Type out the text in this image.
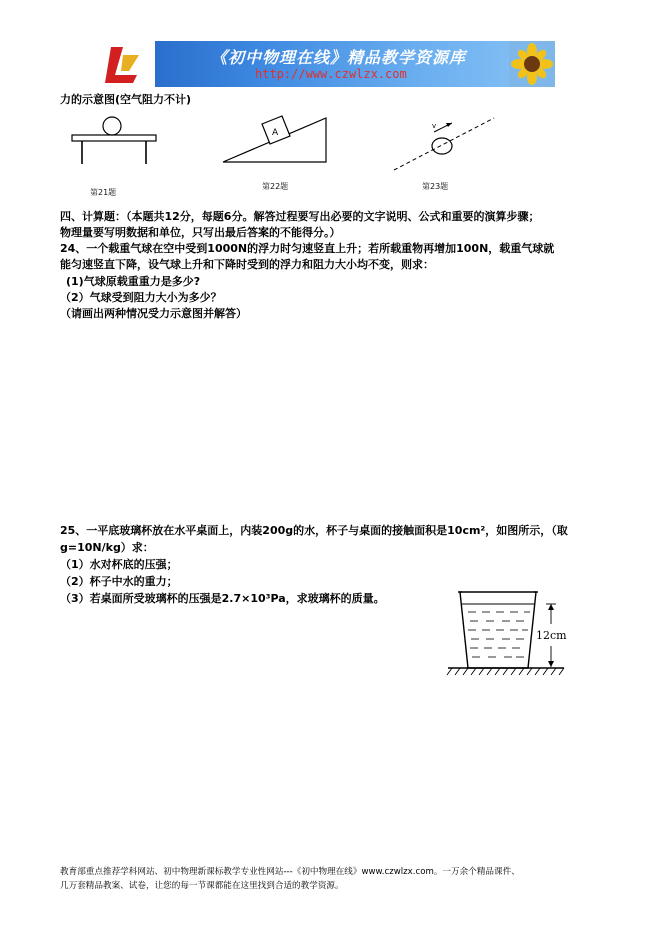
《初中物理在线》精品教学资源库
http://www.czwlzx.com
力的示意图(空气阻力不计)
第21题
A
第22题
v
第23题
四、计算题：（本题共12分，每题6分。解答过程要写出必要的文字说明、公式和重要的演算步骤；
物理量要写明数据和单位，只写出最后答案的不能得分。）
24、一个载重气球在空中受到1000N的浮力时匀速竖直上升；若所载重物再增加100N，载重气球就
能匀速竖直下降，设气球上升和下降时受到的浮力和阻力大小均不变，则求：
(1)气球原载重重力是多少?
（2）气球受到阻力大小为多少？
（请画出两种情况受力示意图并解答）
25、一平底玻璃杯放在水平桌面上，内装200g的水，杯子与桌面的接触面积是10cm²，如图所示，（取
g=10N/kg）求：
（1）水对杯底的压强；
（2）杯子中水的重力；
（3）若桌面所受玻璃杯的压强是2.7×10³Pa，求玻璃杯的质量。
12cm
教育部重点推荐学科网站、初中物理新课标教学专业性网站---《初中物理在线》www.czwlzx.com。一万余个精品课件、
几万套精品教案、试卷，让您的每一节课都能在这里找到合适的教学资源。
